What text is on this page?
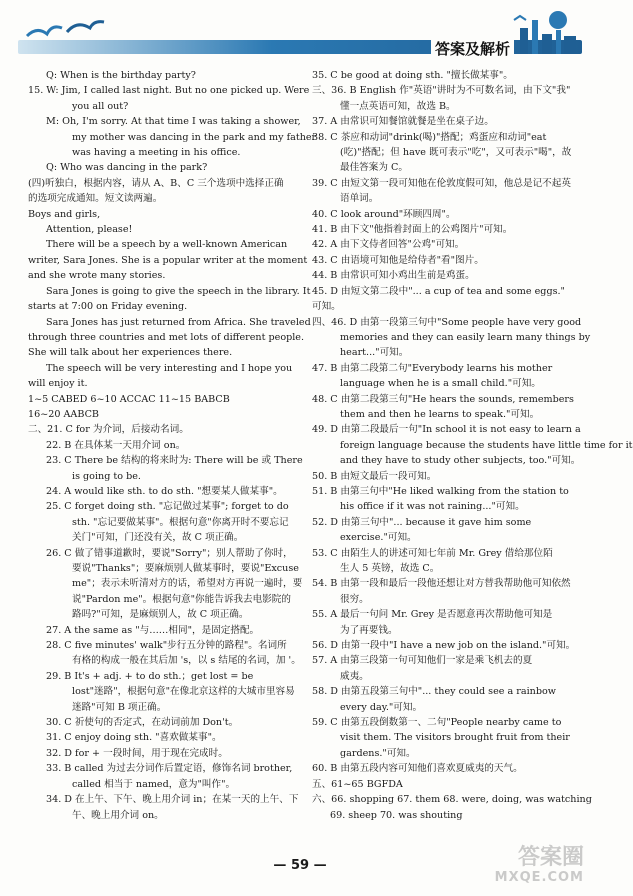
答案及解析
Q: When is the birthday party?
15. W: Jim, I called last night. But no one picked up. Were
you all out?
M: Oh, I'm sorry. At that time I was taking a shower,
my mother was dancing in the park and my father
was having a meeting in his office.
Q: Who was dancing in the park?
(四)听独白，根据内容，请从 A、B、C 三个选项中选择正确
的选项完成通知。短文读两遍。
Boys and girls,
Attention, please!
There will be a speech by a well-known American
writer, Sara Jones. She is a popular writer at the moment
and she wrote many stories.
Sara Jones is going to give the speech in the library. It
starts at 7:00 on Friday evening.
Sara Jones has just returned from Africa. She traveled
through three countries and met lots of different people.
She will talk about her experiences there.
The speech will be very interesting and I hope you
will enjoy it.
1~5 CABED 6~10 ACCAC 11~15 BABCB
16~20 AABCB
二、21. C for 为介词，后接动名词。
22. B 在具体某一天用介词 on。
23. C There be 结构的将来时为: There will be 或 There
is going to be.
24. A would like sth. to do sth. "想要某人做某事"。
25. C forget doing sth. "忘记做过某事"; forget to do
sth. "忘记要做某事"。根据句意"你离开时不要忘记
关门"可知，门还没有关，故 C 项正确。
26. C 做了错事道歉时，要说"Sorry"；别人帮助了你时，
要说"Thanks"；要麻烦别人做某事时，要说"Excuse
me"；表示未听清对方的话，希望对方再说一遍时，要
说"Pardon me"。根据句意"你能告诉我去电影院的
路吗?"可知，是麻烦别人，故 C 项正确。
27. A the same as "与……相同"，是固定搭配。
28. C five minutes' walk"步行五分钟的路程"。名词所
有格的构成一般在其后加 's，以 s 结尾的名词，加 '。
29. B It's + adj. + to do sth.；get lost = be
lost"迷路"，根据句意"在像北京这样的大城市里容易
迷路"可知 B 项正确。
30. C 祈使句的否定式，在动词前加 Don't。
31. C enjoy doing sth. "喜欢做某事"。
32. D for + 一段时间，用于现在完成时。
33. B called 为过去分词作后置定语，修饰名词 brother,
called 相当于 named，意为"叫作"。
34. D 在上午、下午、晚上用介词 in；在某一天的上午、下
午、晚上用介词 on。
35. C be good at doing sth. "擅长做某事"。
三、36. B English 作"英语"讲时为不可数名词，由下文"我"
懂一点英语可知，故选 B。
37. A 由常识可知餐馆就餐是坐在桌子边。
38. C 茶应和动词"drink(喝)"搭配；鸡蛋应和动词"eat
(吃)"搭配；但 have 既可表示"吃"，又可表示"喝"，故
最佳答案为 C。
39. C 由短文第一段可知他在伦敦度假可知，他总是记不起英
语单词。
40. C look around"环顾四周"。
41. B 由下文"他指着封面上的公鸡图片"可知。
42. A 由下文侍者回答"公鸡"可知。
43. C 由语境可知他是给侍者"看"图片。
44. B 由常识可知小鸡出生前是鸡蛋。
45. D 由短文第二段中"... a cup of tea and some eggs."
可知。
四、46. D 由第一段第三句中"Some people have very good
memories and they can easily learn many things by
heart..."可知。
47. B 由第二段第二句"Everybody learns his mother
language when he is a small child."可知。
48. C 由第二段第三句"He hears the sounds, remembers
them and then he learns to speak."可知。
49. D 由第二段最后一句"In school it is not easy to learn a
foreign language because the students have little time for it
and they have to study other subjects, too."可知。
50. B 由短文最后一段可知。
51. B 由第三句中"He liked walking from the station to
his office if it was not raining..."可知。
52. D 由第三句中"... because it gave him some
exercise."可知。
53. C 由陌生人的讲述可知七年前 Mr. Grey 借给那位陌
生人 5 英镑，故选 C。
54. B 由第一段和最后一段他还想让对方替我帮助他可知依然
很穷。
55. A 最后一句问 Mr. Grey 是否愿意再次帮助他可知是
为了再要钱。
56. D 由第一段中"I have a new job on the island."可知。
57. A 由第三段第一句可知他们一家是乘飞机去的夏
威夷。
58. D 由第五段第三句中"... they could see a rainbow
every day."可知。
59. C 由第五段倒数第一、二句"People nearby came to
visit them. The visitors brought fruit from their
gardens."可知。
60. B 由第五段内容可知他们喜欢夏威夷的天气。
五、61~65 BGFDA
六、66. shopping 67. them 68. were, doing, was watching
69. sheep 70. was shouting
— 59 —	答案圈
MXQE.COM
